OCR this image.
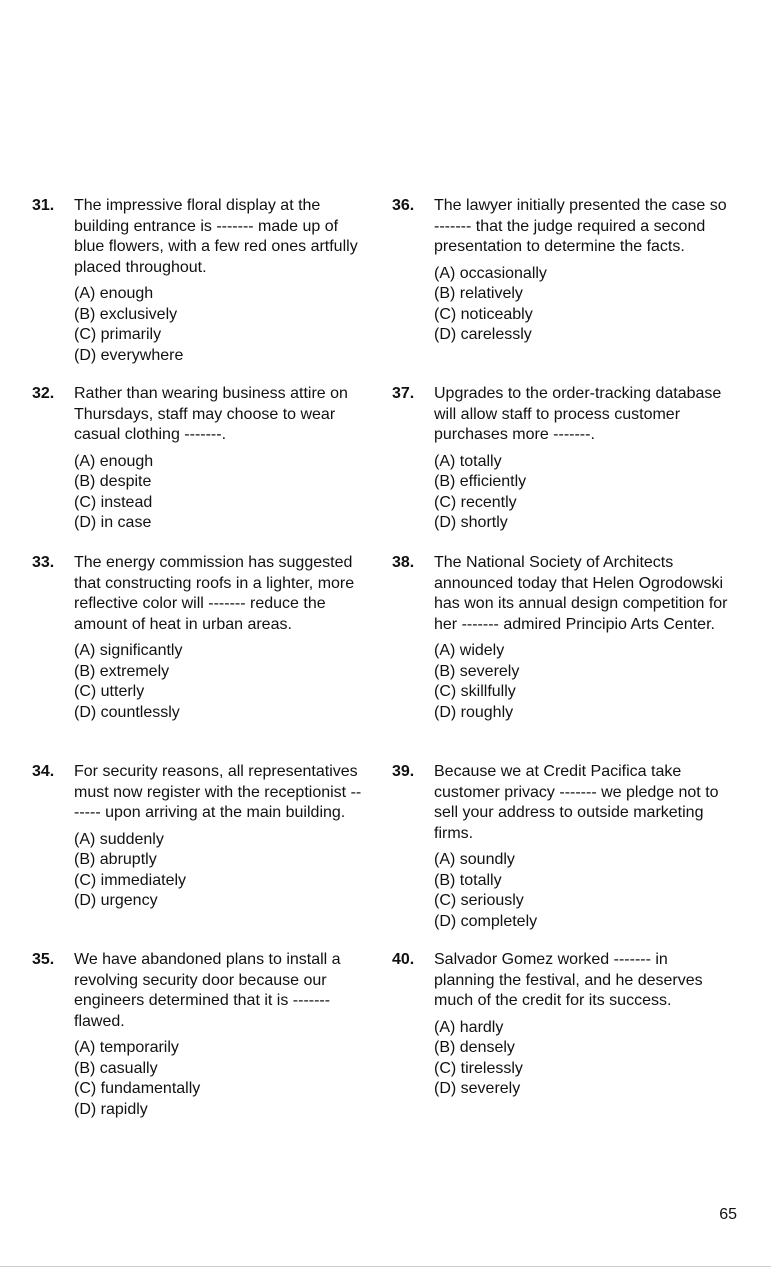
31. The impressive floral display at the building entrance is ------- made up of blue flowers, with a few red ones artfully placed throughout.
(A) enough
(B) exclusively
(C) primarily
(D) everywhere
32. Rather than wearing business attire on Thursdays, staff may choose to wear casual clothing -------.
(A) enough
(B) despite
(C) instead
(D) in case
33. The energy commission has suggested that constructing roofs in a lighter, more reflective color will ------- reduce the amount of heat in urban areas.
(A) significantly
(B) extremely
(C) utterly
(D) countlessly
34. For security reasons, all representatives must now register with the receptionist ------- upon arriving at the main building.
(A) suddenly
(B) abruptly
(C) immediately
(D) urgency
35. We have abandoned plans to install a revolving security door because our engineers determined that it is ------- flawed.
(A) temporarily
(B) casually
(C) fundamentally
(D) rapidly
36. The lawyer initially presented the case so ------- that the judge required a second presentation to determine the facts.
(A) occasionally
(B) relatively
(C) noticeably
(D) carelessly
37. Upgrades to the order-tracking database will allow staff to process customer purchases more -------.
(A) totally
(B) efficiently
(C) recently
(D) shortly
38. The National Society of Architects announced today that Helen Ogrodowski has won its annual design competition for her ------- admired Principio Arts Center.
(A) widely
(B) severely
(C) skillfully
(D) roughly
39. Because we at Credit Pacifica take customer privacy ------- we pledge not to sell your address to outside marketing firms.
(A) soundly
(B) totally
(C) seriously
(D) completely
40. Salvador Gomez worked ------- in planning the festival, and he deserves much of the credit for its success.
(A) hardly
(B) densely
(C) tirelessly
(D) severely
65
